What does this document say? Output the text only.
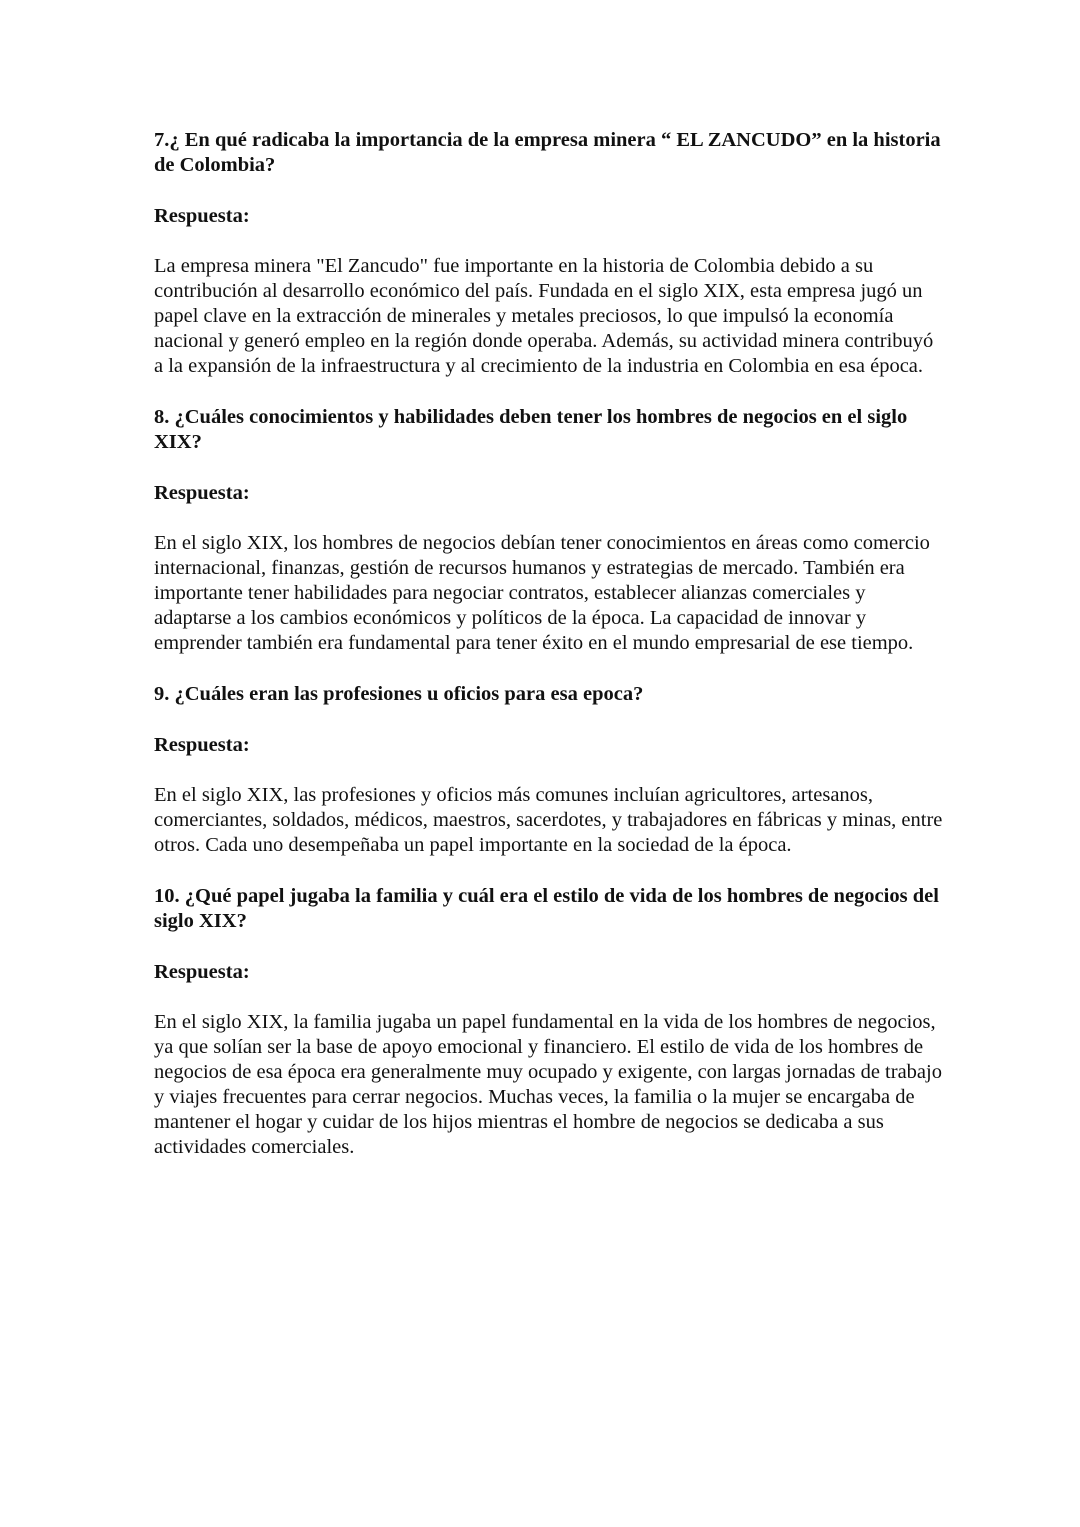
7.¿ En qué radicaba la importancia de la empresa minera “ EL ZANCUDO” en la historia de Colombia?

Respuesta:

La empresa minera "El Zancudo" fue importante en la historia de Colombia debido a su contribución al desarrollo económico del país. Fundada en el siglo XIX, esta empresa jugó un papel clave en la extracción de minerales y metales preciosos, lo que impulsó la economía nacional y generó empleo en la región donde operaba. Además, su actividad minera contribuyó a la expansión de la infraestructura y al crecimiento de la industria en Colombia en esa época.

8. ¿Cuáles conocimientos y habilidades deben tener los hombres de negocios en el siglo XIX?

Respuesta:

En el siglo XIX, los hombres de negocios debían tener conocimientos en áreas como comercio internacional, finanzas, gestión de recursos humanos y estrategias de mercado. También era importante tener habilidades para negociar contratos, establecer alianzas comerciales y adaptarse a los cambios económicos y políticos de la época. La capacidad de innovar y emprender también era fundamental para tener éxito en el mundo empresarial de ese tiempo.

9. ¿Cuáles eran las profesiones u oficios para esa epoca?

Respuesta:

En el siglo XIX, las profesiones y oficios más comunes incluían agricultores, artesanos, comerciantes, soldados, médicos, maestros, sacerdotes, y trabajadores en fábricas y minas, entre otros. Cada uno desempeñaba un papel importante en la sociedad de la época.

10. ¿Qué papel jugaba la familia y cuál era el estilo de vida de los hombres de negocios del siglo XIX?

Respuesta:

En el siglo XIX, la familia jugaba un papel fundamental en la vida de los hombres de negocios, ya que solían ser la base de apoyo emocional y financiero. El estilo de vida de los hombres de negocios de esa época era generalmente muy ocupado y exigente, con largas jornadas de trabajo y viajes frecuentes para cerrar negocios. Muchas veces, la familia o la mujer se encargaba de mantener el hogar y cuidar de los hijos mientras el hombre de negocios se dedicaba a sus actividades comerciales.
